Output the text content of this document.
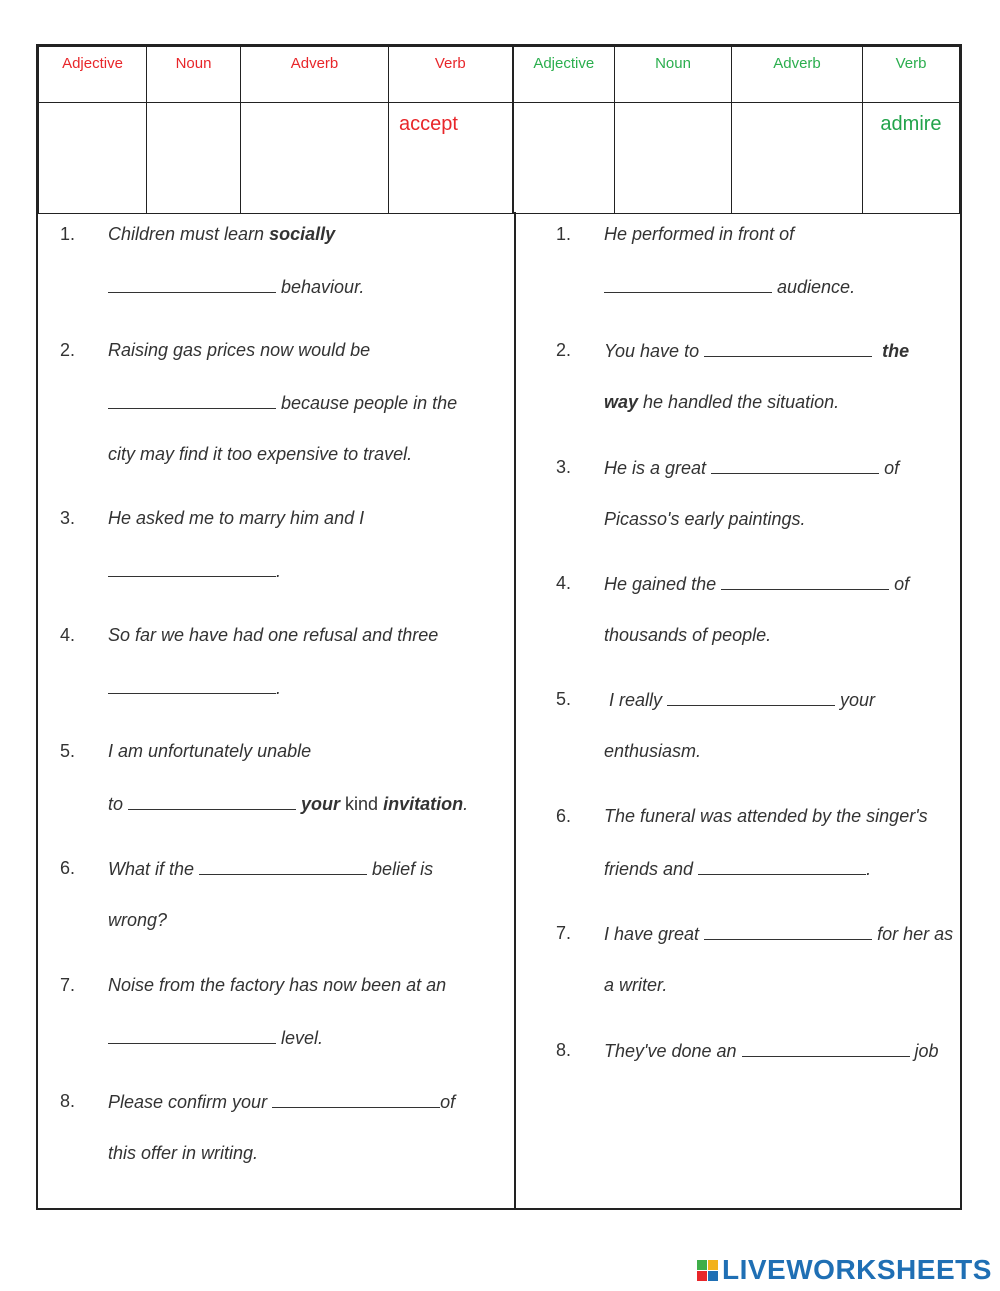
Adjective	Noun	Adverb	Verb	Adjective	Noun	Adverb	Verb
			accept				admire
1.	Children must learn socially
behaviour.
2.	Raising gas prices now would be
because people in the
city may find it too expensive to travel.
3.	He asked me to marry him and I
.
4.	So far we have had one refusal and three
.
5.	I am unfortunately unable
to	your kind invitation.
6.	What if the	belief is
wrong?
7.	Noise from the factory has now been at an
level.
8.	Please confirm your	of
this offer in writing.
1.	He performed in front of
audience.
2.	You have to	the
way he handled the situation.
3.	He is a great	of
Picasso's early paintings.
4.	He gained the	of
thousands of people.
5.	I really	your
enthusiasm.
6.	The funeral was attended by the singer's
friends and	.
7.	I have great	for her as
a writer.
8.	They've done an	job
LIVEWORKSHEETS
